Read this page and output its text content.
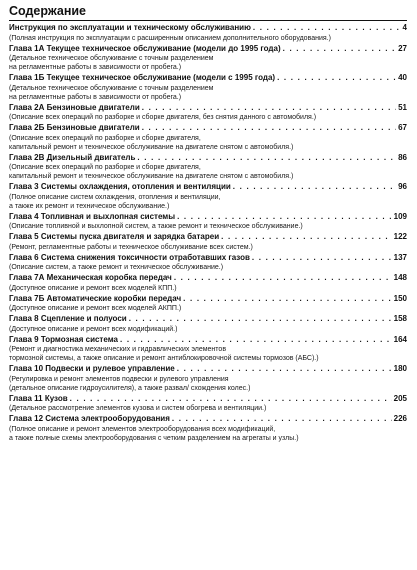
Содержание
Инструкция по эксплуатации и техническому обслуживанию . . .	4
(Полная инструкция по эксплуатации с расширенным описанием дополнительного оборудования.)
Глава 1А Текущее техническое обслуживание (модели до 1995 года) . . .	27
(Детальное техническое обслуживание с точным разделением
на регламентные работы в зависимости от пробега.)
Глава 1Б Текущее техническое обслуживание (модели с 1995 года) . . .	40
(Детальное техническое обслуживание с точным разделением
на регламентные работы в зависимости от пробега.)
Глава 2А Бензиновые двигатели . . .	51
(Описание всех операций по разборке и сборке двигателя, без снятия данного с автомобиля.)
Глава 2Б Бензиновые двигатели . . .	67
(Описание всех операций по разборке и сборке двигателя,
капитальный ремонт и техническое обслуживание на двигателе снятом с автомобиля.)
Глава 2В Дизельный двигатель . . .	86
(Описание всех операций по разборке и сборке двигателя,
капитальный ремонт и техническое обслуживание на двигателе снятом с автомобиля.)
Глава 3 Системы охлаждения, отопления и вентиляции . . .	96
(Полное описание систем охлаждения, отопления и вентиляции,
а также их ремонт и техническое обслуживание.)
Глава 4 Топливная и выхлопная системы . . .	109
(Описание топливной и выхлопной систем, а также ремонт и техническое обслуживание.)
Глава 5 Системы пуска двигателя и зарядка батареи . . .	122
(Ремонт, регламентные работы и техническое обслуживание всех систем.)
Глава 6 Система снижения токсичности отработавших газов . . .	137
(Описание систем, а также ремонт и техническое обслуживание.)
Глава 7А Механическая коробка передач . . .	148
(Доступное описание и ремонт всех моделей КПП.)
Глава 7Б Автоматические коробки передач . . .	150
(Доступное описание и ремонт всех моделей АКПП.)
Глава 8 Сцепление и полуоси . . .	158
(Доступное описание и ремонт всех модификаций.)
Глава 9 Тормозная система . . .	164
(Ремонт и диагностика механических и гидравлических элементов
тормозной системы, а также описание и ремонт антиблокировочной системы тормозов (АБС).)
Глава 10 Подвески и рулевое управление . . .	180
(Регулировка и ремонт элементов подвески и рулевого управления
(детальное описание гидроусилителя), а также развал/ схождения колес.)
Глава 11 Кузов . . .	205
(Детальное рассмотрение элементов кузова и систем обогрева и вентиляции.)
Глава 12 Система электрооборудования . . .	226
(Полное описание и ремонт элементов электрооборудования всех модификаций,
а также полные схемы электрооборудования с четким разделением на агрегаты и узлы.)
